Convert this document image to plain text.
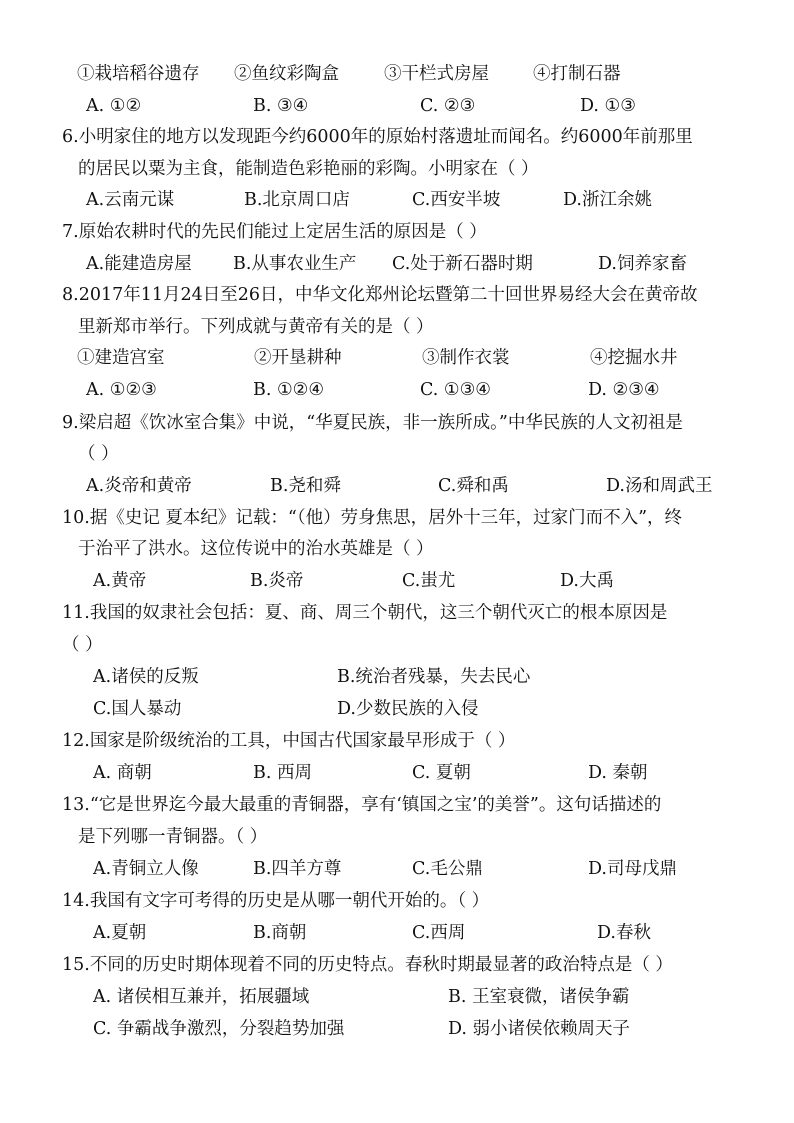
①栽培稻谷遗存 ②鱼纹彩陶盒	③干栏式房屋	④打制石器
A. ①②	B. ③④	C. ②③	D. ①③
6.小明家住的地方以发现距今约6000年的原始村落遗址而闻名。约6000年前那里
的居民以粟为主食，能制造色彩艳丽的彩陶。小明家在（ ）
A.云南元谋	B.北京周口店	C.西安半坡	D.浙江余姚
7.原始农耕时代的先民们能过上定居生活的原因是（ ）
A.能建造房屋 B.从事农业生产 C.处于新石器时期	D.饲养家畜
8.2017年11月24日至26日，中华文化郑州论坛暨第二十回世界易经大会在黄帝故
里新郑市举行。下列成就与黄帝有关的是（ ）
①建造宫室	②开垦耕种	③制作衣裳	④挖掘水井
A. ①②③	B. ①②④	C. ①③④	D. ②③④
9.梁启超《饮冰室合集》中说，“华夏民族，非一族所成。”中华民族的人文初祖是
（ ）
A.炎帝和黄帝	B.尧和舜	C.舜和禹	D.汤和周武王
10.据《史记 夏本纪》记载：“（他）劳身焦思，居外十三年，过家门而不入”，终
于治平了洪水。这位传说中的治水英雄是（ ）
A.黄帝	B.炎帝	C.蚩尤	D.大禹
11.我国的奴隶社会包括：夏、商、周三个朝代，这三个朝代灭亡的根本原因是
（ ）
A.诸侯的反叛	B.统治者残暴，失去民心
C.国人暴动	D.少数民族的入侵
12.国家是阶级统治的工具，中国古代国家最早形成于（ ）
A. 商朝	B. 西周	C. 夏朝	D. 秦朝
13.“它是世界迄今最大最重的青铜器，享有‘镇国之宝’的美誉”。这句话描述的
是下列哪一青铜器。（ ）
A.青铜立人像	B.四羊方尊	C.毛公鼎	D.司母戊鼎
14.我国有文字可考得的历史是从哪一朝代开始的。（ ）
A.夏朝	B.商朝	C.西周	D.春秋
15.不同的历史时期体现着不同的历史特点。春秋时期最显著的政治特点是（ ）
A. 诸侯相互兼并，拓展疆域	B. 王室衰微，诸侯争霸
C. 争霸战争激烈，分裂趋势加强	D. 弱小诸侯依赖周天子
